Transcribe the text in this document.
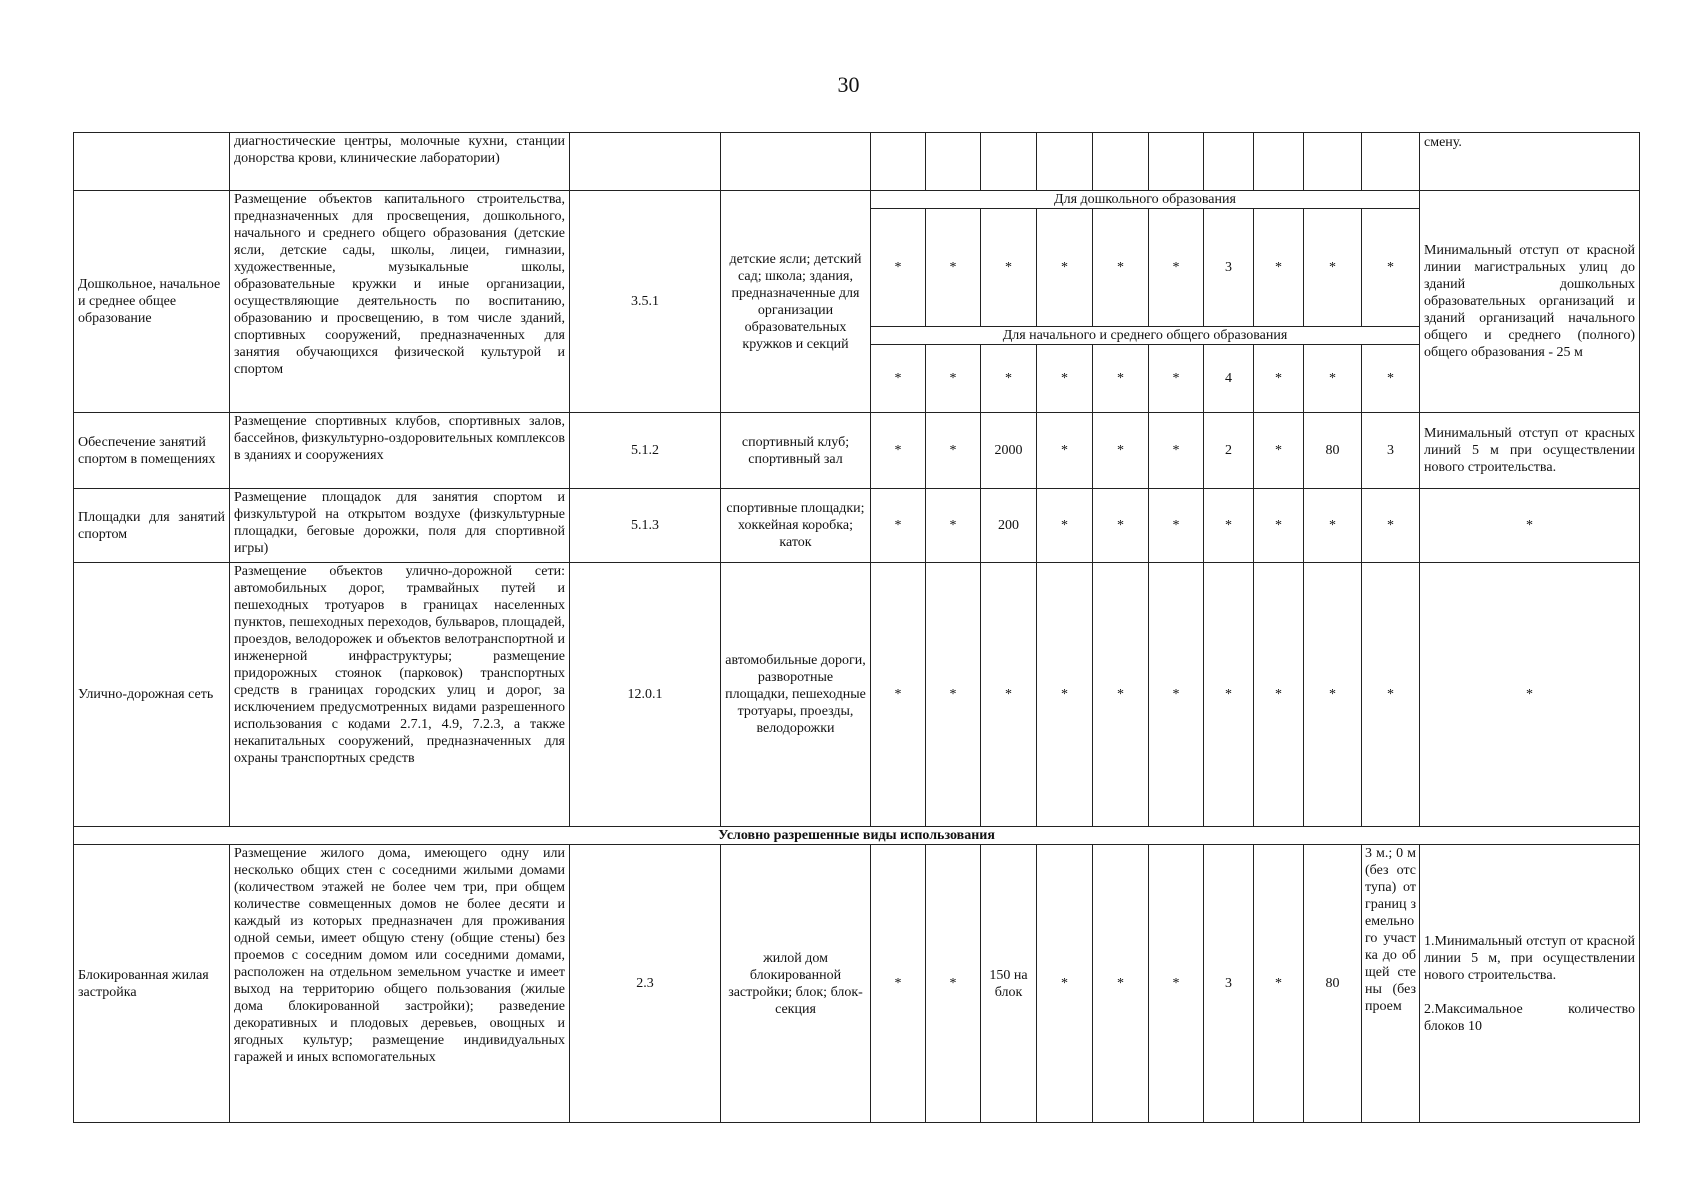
30
	диагностические центры, молочные кухни, станции донорства крови, клинические лаборатории)													смену.
Дошкольное, начальное и среднее общее образование	Размещение объектов капитального строительства, предназначенных для просвещения, дошкольного, начального и среднего общего образования (детские ясли, детские сады, школы, лицеи, гимназии, художественные, музыкальные школы, образовательные кружки и иные организации, осуществляющие деятельность по воспитанию, образованию и просвещению, в том числе зданий, спортивных сооружений, предназначенных для занятия обучающихся физической культурой и спортом	3.5.1	детские ясли; детский сад; школа; здания, предназначенные для организации образовательных кружков и секций	Для дошкольного образования										Минимальный отступ от красной линии магистральных улиц до зданий дошкольных образовательных организаций и зданий организаций начального общего и среднего (полного) общего образования - 25 м
				*	*	*	*	*	*	3	*	*	*	
				Для начального и среднего общего образования										
				*	*	*	*	*	*	4	*	*	*	
Обеспечение занятий спортом в помещениях	Размещение спортивных клубов, спортивных залов, бассейнов, физкультурно-оздоровительных комплексов в зданиях и сооружениях	5.1.2	спортивный клуб; спортивный зал	*	*	2000	*	*	*	2	*	80	3	Минимальный отступ от красных линий 5 м при осуществлении нового строительства.
Площадки для занятий спортом	Размещение площадок для занятия спортом и физкультурой на открытом воздухе (физкультурные площадки, беговые дорожки, поля для спортивной игры)	5.1.3	спортивные площадки; хоккейная коробка; каток	*	*	200	*	*	*	*	*	*	*	*
Улично-дорожная сеть	Размещение объектов улично-дорожной сети: автомобильных дорог, трамвайных путей и пешеходных тротуаров в границах населенных пунктов, пешеходных переходов, бульваров, площадей, проездов, велодорожек и объектов велотранспортной и инженерной инфраструктуры; размещение придорожных стоянок (парковок) транспортных средств в границах городских улиц и дорог, за исключением предусмотренных видами разрешенного использования с кодами 2.7.1, 4.9, 7.2.3, а также некапитальных сооружений, предназначенных для охраны транспортных средств	12.0.1	автомобильные дороги, разворотные площадки, пешеходные тротуары, проезды, велодорожки	*	*	*	*	*	*	*	*	*	*	*
Условно разрешенные виды использования														
Блокированная жилая застройка	Размещение жилого дома, имеющего одну или несколько общих стен с соседними жилыми домами (количеством этажей не более чем три, при общем количестве совмещенных домов не более десяти и каждый из которых предназначен для проживания одной семьи, имеет общую стену (общие стены) без проемов с соседним домом или соседними домами, расположен на отдельном земельном участке и имеет выход на территорию общего пользования (жилые дома блокированной застройки); разведение декоративных и плодовых деревьев, овощных и ягодных культур; размещение индивидуальных гаражей и иных вспомогательных	2.3	жилой дом блокированной застройки; блок; блок-секция	*	*	150 на блок	*	*	*	3	*	80	3 м.; 0 м (без отступа) от границ земельного участка до общей стены (без проем	1.Минимальный отступ от красной линии 5 м, при осуществлении нового строительства.
2.Максимальное количество блоков 10
